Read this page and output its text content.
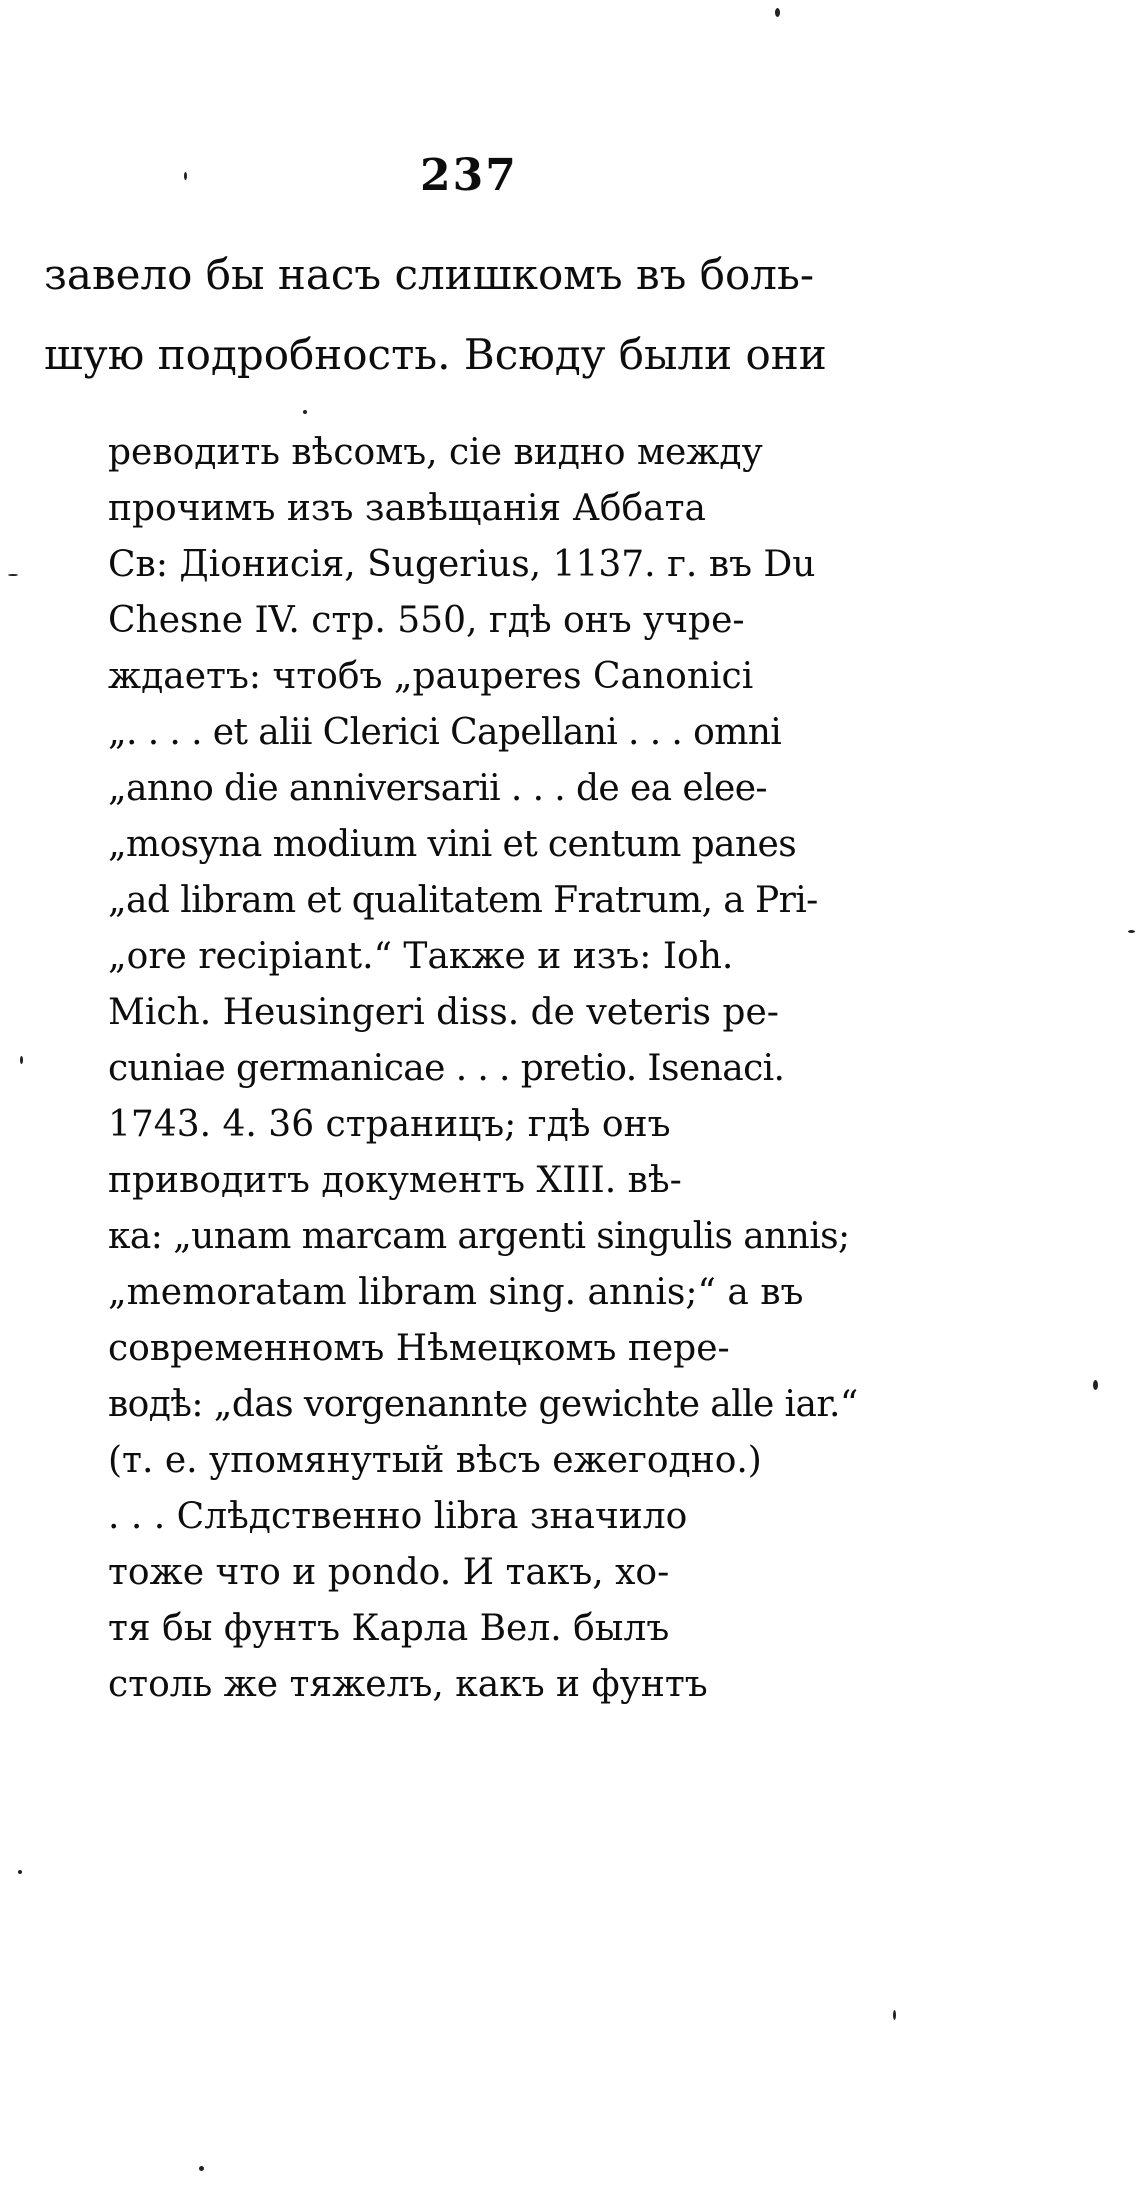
237
завело бы насъ слишкомъ въ боль-
шую подробность. Всюду были они
реводить вѣсомъ, сіе видно между
прочимъ изъ завѣщанія Аббата
Св: Діонисія, Sugerius, 1137. г. въ Du
Chesne IV. стр. 550, гдѣ онъ учре-
ждаетъ: чтобъ „pauperes Canonici
„. . . . et alii Clerici Capellani . . . omni
„anno die anniversarii . . . de ea elee-
„mosyna modium vini et centum panes
„ad libram et qualitatem Fratrum, a Pri-
„ore recipiant.“ Также и изъ: Ioh.
Mich. Heusingeri diss. de veteris pe-
cuniae germanicae . . . pretio. Isenaci.
1743. 4. 36 страницъ; гдѣ онъ
приводитъ документъ XIII. вѣ-
ка: „unam marcam argenti singulis annis;
„memoratam libram sing. annis;“ а въ
современномъ Нѣмецкомъ пере-
водѣ: „das vorgenannte gewichte alle iar.“
(т. е. упомянутый вѣсъ ежегодно.)
. . . Слѣдственно libra значило
тоже что и pondo. И такъ, хо-
тя бы фунтъ Карла Вел. былъ
столь же тяжелъ, какъ и фунтъ
